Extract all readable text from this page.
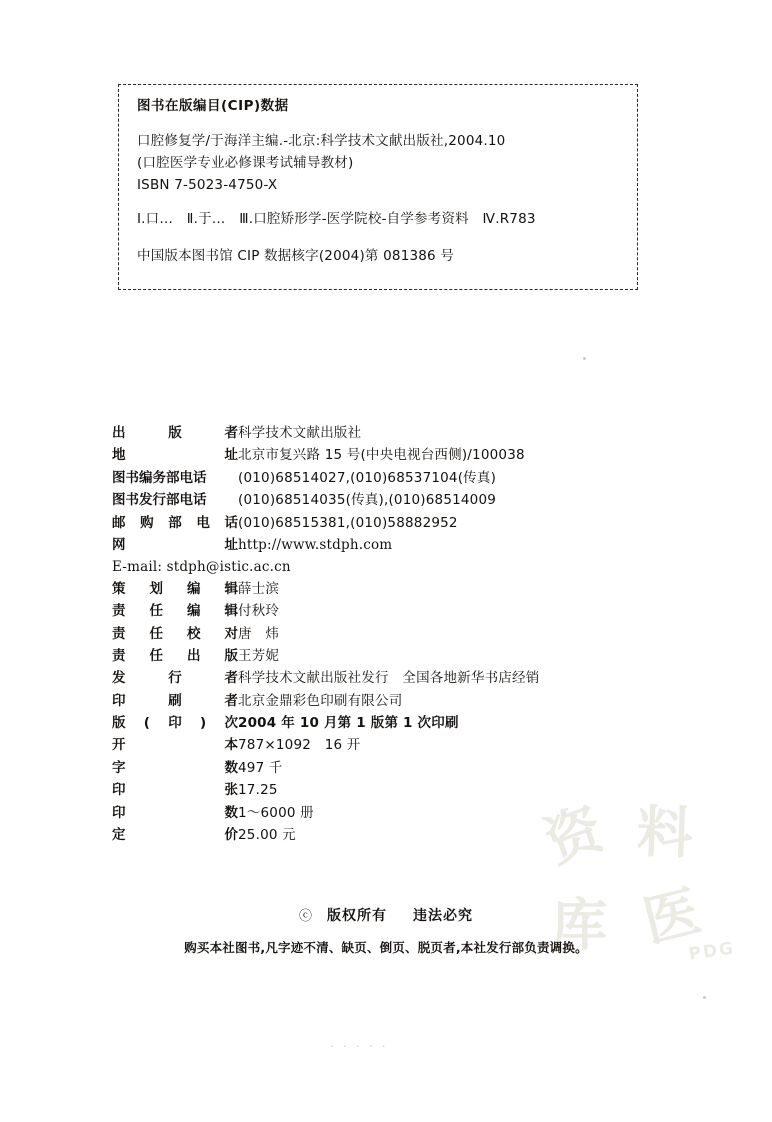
图书在版编目(CIP)数据
口腔修复学/于海洋主编.-北京:科学技术文献出版社,2004.10
(口腔医学专业必修课考试辅导教材)
ISBN 7-5023-4750-X
Ⅰ.口…　Ⅱ.于…　Ⅲ.口腔矫形学-医学院校-自学参考资料　Ⅳ.R783
中国版本图书馆 CIP 数据核字(2004)第 081386 号
出	版	者 科学技术文献出版社
地	址 北京市复兴路 15 号(中央电视台西侧)/100038
图书编务部电话	(010)68514027,(010)68537104(传真)
图书发行部电话	(010)68514035(传真),(010)68514009
邮 购 部 电 话 (010)68515381,(010)58882952
网	址 http://www.stdph.com
E-mail: stdph@istic.ac.cn
策 划 编 辑 薛士滨
责 任 编 辑 付秋玲
责 任 校 对 唐　炜
责 任 出 版 王芳妮
发	行	者 科学技术文献出版社发行　全国各地新华书店经销
印	刷	者 北京金鼎彩色印刷有限公司
版 ( 印 ) 次 2004 年 10 月第 1 版第 1 次印刷
开	本 787×1092　16 开
字	数 497 千
印	张 17.25
印	数 1～6000 册
定	价 25.00 元
ⓒ 版权所有 违法必究
购买本社图书,凡字迹不清、缺页、倒页、脱页者,本社发行部负责调换。
资 料
库 医
PDG
· · · · ·
